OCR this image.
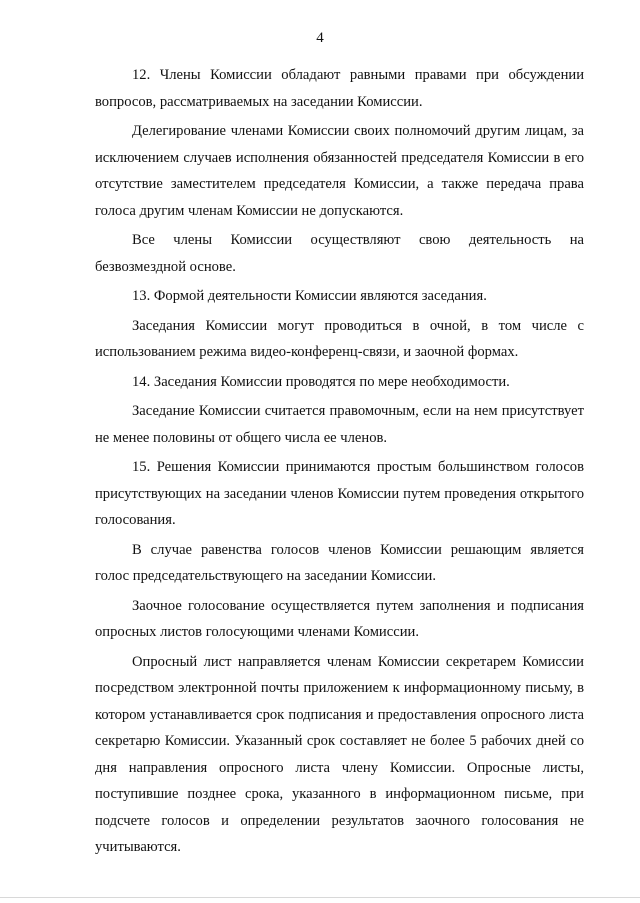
4

12. Члены Комиссии обладают равными правами при обсуждении вопросов, рассматриваемых на заседании Комиссии.

Делегирование членами Комиссии своих полномочий другим лицам, за исключением случаев исполнения обязанностей председателя Комиссии в его отсутствие заместителем председателя Комиссии, а также передача права голоса другим членам Комиссии не допускаются.

Все члены Комиссии осуществляют свою деятельность на безвозмездной основе.

13. Формой деятельности Комиссии являются заседания.

Заседания Комиссии могут проводиться в очной, в том числе с использованием режима видео-конференц-связи, и заочной формах.

14. Заседания Комиссии проводятся по мере необходимости.

Заседание Комиссии считается правомочным, если на нем присутствует не менее половины от общего числа ее членов.

15. Решения Комиссии принимаются простым большинством голосов присутствующих на заседании членов Комиссии путем проведения открытого голосования.

В случае равенства голосов членов Комиссии решающим является голос председательствующего на заседании Комиссии.

Заочное голосование осуществляется путем заполнения и подписания опросных листов голосующими членами Комиссии.

Опросный лист направляется членам Комиссии секретарем Комиссии посредством электронной почты приложением к информационному письму, в котором устанавливается срок подписания и предоставления опросного листа секретарю Комиссии. Указанный срок составляет не более 5 рабочих дней со дня направления опросного листа члену Комиссии. Опросные листы, поступившие позднее срока, указанного в информационном письме, при подсчете голосов и определении результатов заочного голосования не учитываются.
